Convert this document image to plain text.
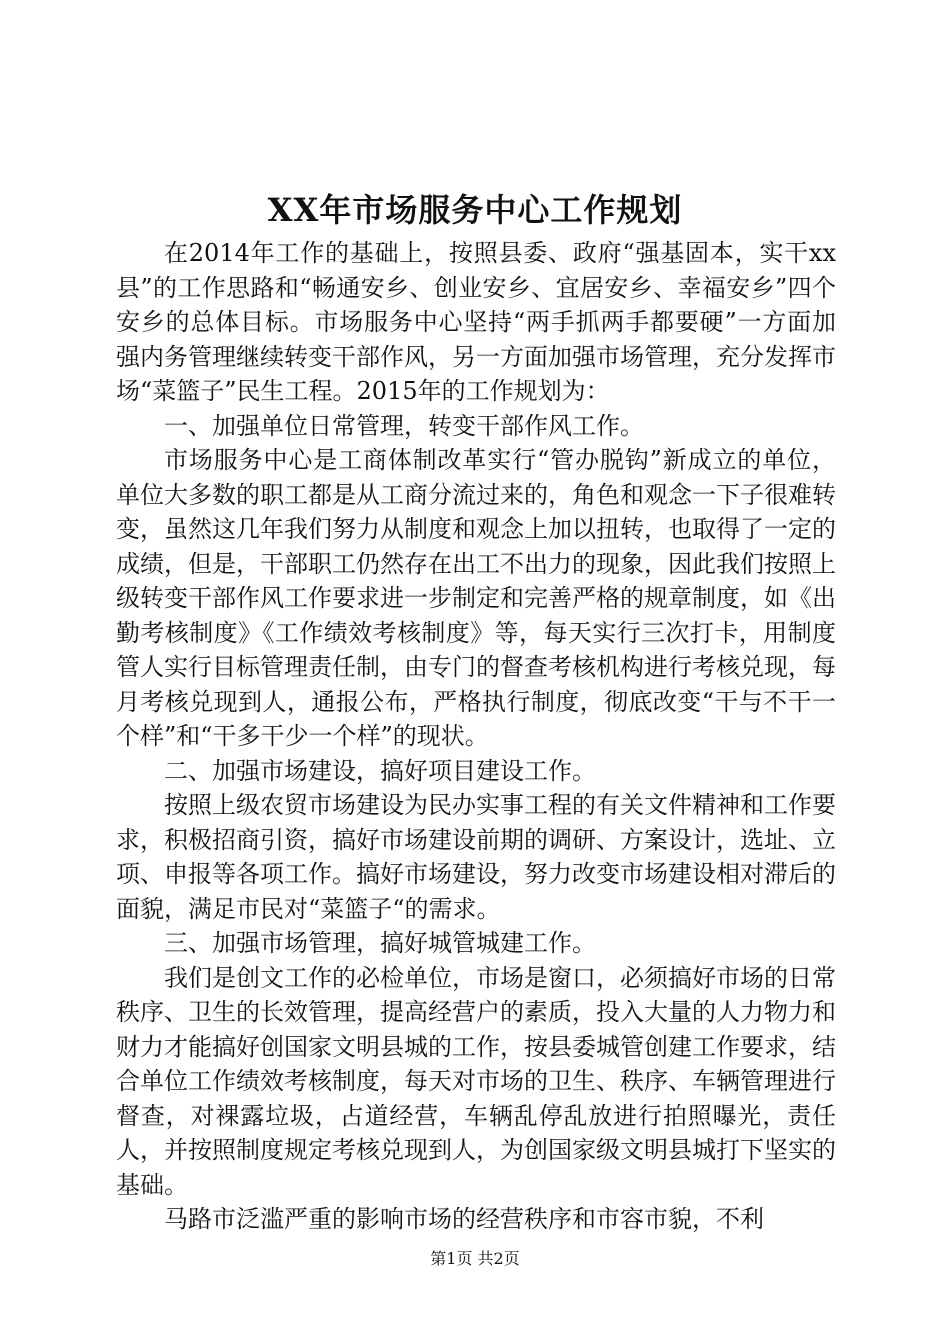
XX年市场服务中心工作规划

在2014年工作的基础上，按照县委、政府“强基固本，实干xx县”的工作思路和“畅通安乡、创业安乡、宜居安乡、幸福安乡”四个安乡的总体目标。市场服务中心坚持“两手抓两手都要硬”一方面加强内务管理继续转变干部作风，另一方面加强市场管理，充分发挥市场“菜篮子”民生工程。2015年的工作规划为：

一、加强单位日常管理，转变干部作风工作。

市场服务中心是工商体制改革实行“管办脱钩”新成立的单位，单位大多数的职工都是从工商分流过来的，角色和观念一下子很难转变，虽然这几年我们努力从制度和观念上加以扭转，也取得了一定的成绩，但是，干部职工仍然存在出工不出力的现象，因此我们按照上级转变干部作风工作要求进一步制定和完善严格的规章制度，如《出勤考核制度》《工作绩效考核制度》等，每天实行三次打卡，用制度管人实行目标管理责任制，由专门的督查考核机构进行考核兑现，每月考核兑现到人，通报公布，严格执行制度，彻底改变“干与不干一个样”和“干多干少一个样”的现状。

二、加强市场建设，搞好项目建设工作。

按照上级农贸市场建设为民办实事工程的有关文件精神和工作要求，积极招商引资，搞好市场建设前期的调研、方案设计，选址、立项、申报等各项工作。搞好市场建设，努力改变市场建设相对滞后的面貌，满足市民对“菜篮子“的需求。

三、加强市场管理，搞好城管城建工作。

我们是创文工作的必检单位，市场是窗口，必须搞好市场的日常秩序、卫生的长效管理，提高经营户的素质，投入大量的人力物力和财力才能搞好创国家文明县城的工作，按县委城管创建工作要求，结合单位工作绩效考核制度，每天对市场的卫生、秩序、车辆管理进行督查，对裸露垃圾，占道经营，车辆乱停乱放进行拍照曝光，责任人，并按照制度规定考核兑现到人，为创国家级文明县城打下坚实的基础。

马路市泛滥严重的影响市场的经营秩序和市容市貌，不利

第1页 共2页
